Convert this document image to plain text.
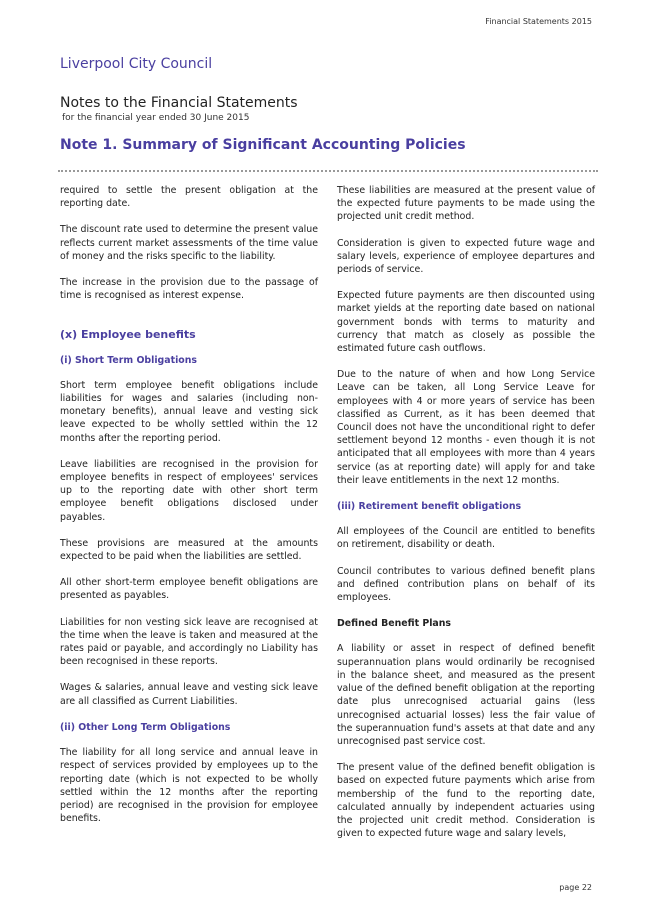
Financial Statements 2015
Liverpool City Council
Notes to the Financial Statements
for the financial year ended 30 June 2015
Note 1. Summary of Significant Accounting Policies

required to settle the present obligation at the reporting date.

The discount rate used to determine the present value reflects current market assessments of the time value of money and the risks specific to the liability.

The increase in the provision due to the passage of time is recognised as interest expense.

(x) Employee benefits
(i) Short Term Obligations

Short term employee benefit obligations include liabilities for wages and salaries (including non-monetary benefits), annual leave and vesting sick leave expected to be wholly settled within the 12 months after the reporting period.

Leave liabilities are recognised in the provision for employee benefits in respect of employees' services up to the reporting date with other short term employee benefit obligations disclosed under payables.

These provisions are measured at the amounts expected to be paid when the liabilities are settled.

All other short-term employee benefit obligations are presented as payables.

Liabilities for non vesting sick leave are recognised at the time when the leave is taken and measured at the rates paid or payable, and accordingly no Liability has been recognised in these reports.

Wages & salaries, annual leave and vesting sick leave are all classified as Current Liabilities.

(ii) Other Long Term Obligations

The liability for all long service and annual leave in respect of services provided by employees up to the reporting date (which is not expected to be wholly settled within the 12 months after the reporting period) are recognised in the provision for employee benefits.

These liabilities are measured at the present value of the expected future payments to be made using the projected unit credit method.

Consideration is given to expected future wage and salary levels, experience of employee departures and periods of service.

Expected future payments are then discounted using market yields at the reporting date based on national government bonds with terms to maturity and currency that match as closely as possible the estimated future cash outflows.

Due to the nature of when and how Long Service Leave can be taken, all Long Service Leave for employees with 4 or more years of service has been classified as Current, as it has been deemed that Council does not have the unconditional right to defer settlement beyond 12 months - even though it is not anticipated that all employees with more than 4 years service (as at reporting date) will apply for and take their leave entitlements in the next 12 months.

(iii) Retirement benefit obligations

All employees of the Council are entitled to benefits on retirement, disability or death.

Council contributes to various defined benefit plans and defined contribution plans on behalf of its employees.

Defined Benefit Plans

A liability or asset in respect of defined benefit superannuation plans would ordinarily be recognised in the balance sheet, and measured as the present value of the defined benefit obligation at the reporting date plus unrecognised actuarial gains (less unrecognised actuarial losses) less the fair value of the superannuation fund's assets at that date and any unrecognised past service cost.

The present value of the defined benefit obligation is based on expected future payments which arise from membership of the fund to the reporting date, calculated annually by independent actuaries using the projected unit credit method. Consideration is given to expected future wage and salary levels,

page 22
